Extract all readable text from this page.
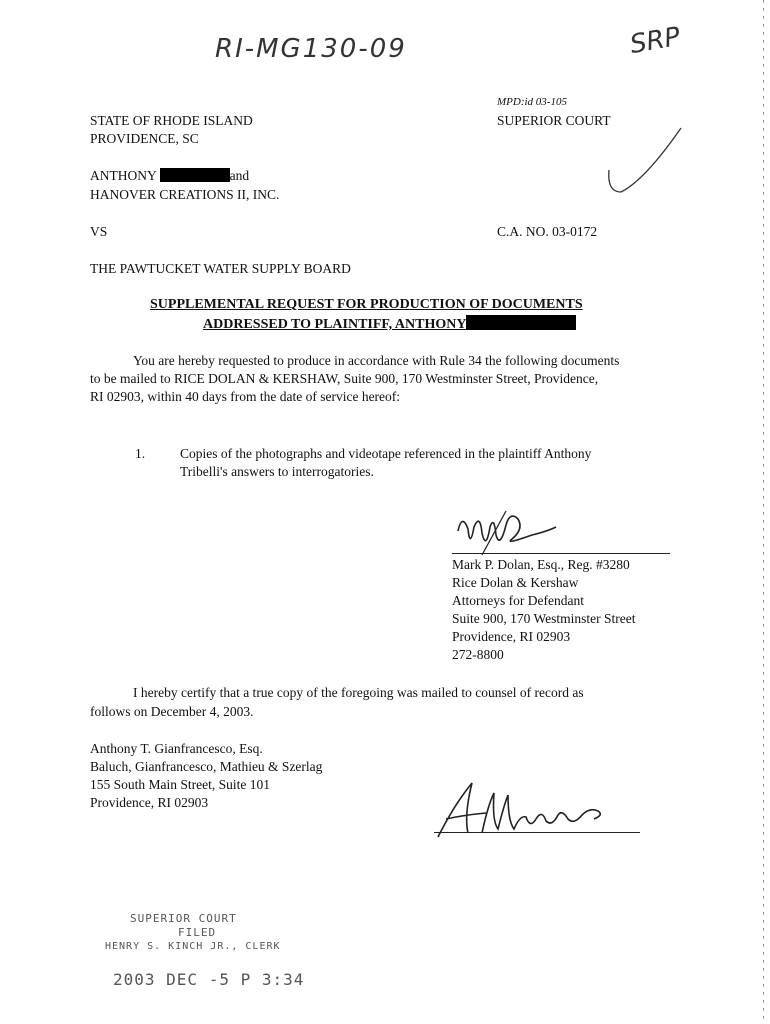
RI-MG130-09	SRP
MPD:id 03-105
STATE OF RHODE ISLAND	SUPERIOR COURT
PROVIDENCE, SC
ANTHONY	and
HANOVER CREATIONS II, INC.
VS	C.A. NO. 03-0172
THE PAWTUCKET WATER SUPPLY BOARD
SUPPLEMENTAL REQUEST FOR PRODUCTION OF DOCUMENTS
ADDRESSED TO PLAINTIFF, ANTHONY
You are hereby requested to produce in accordance with Rule 34 the following documents
to be mailed to RICE DOLAN & KERSHAW, Suite 900, 170 Westminster Street, Providence,
RI 02903, within 40 days from the date of service hereof:
1.	Copies of the photographs and videotape referenced in the plaintiff Anthony
Tribelli's answers to interrogatories.
Mark P. Dolan, Esq., Reg. #3280
Rice Dolan & Kershaw
Attorneys for Defendant
Suite 900, 170 Westminster Street
Providence, RI 02903
272-8800
I hereby certify that a true copy of the foregoing was mailed to counsel of record as
follows on December 4, 2003.
Anthony T. Gianfrancesco, Esq.
Baluch, Gianfrancesco, Mathieu & Szerlag
155 South Main Street, Suite 101
Providence, RI 02903
SUPERIOR COURT
FILED
HENRY S. KINCH JR., CLERK
2003 DEC -5 P 3:34
